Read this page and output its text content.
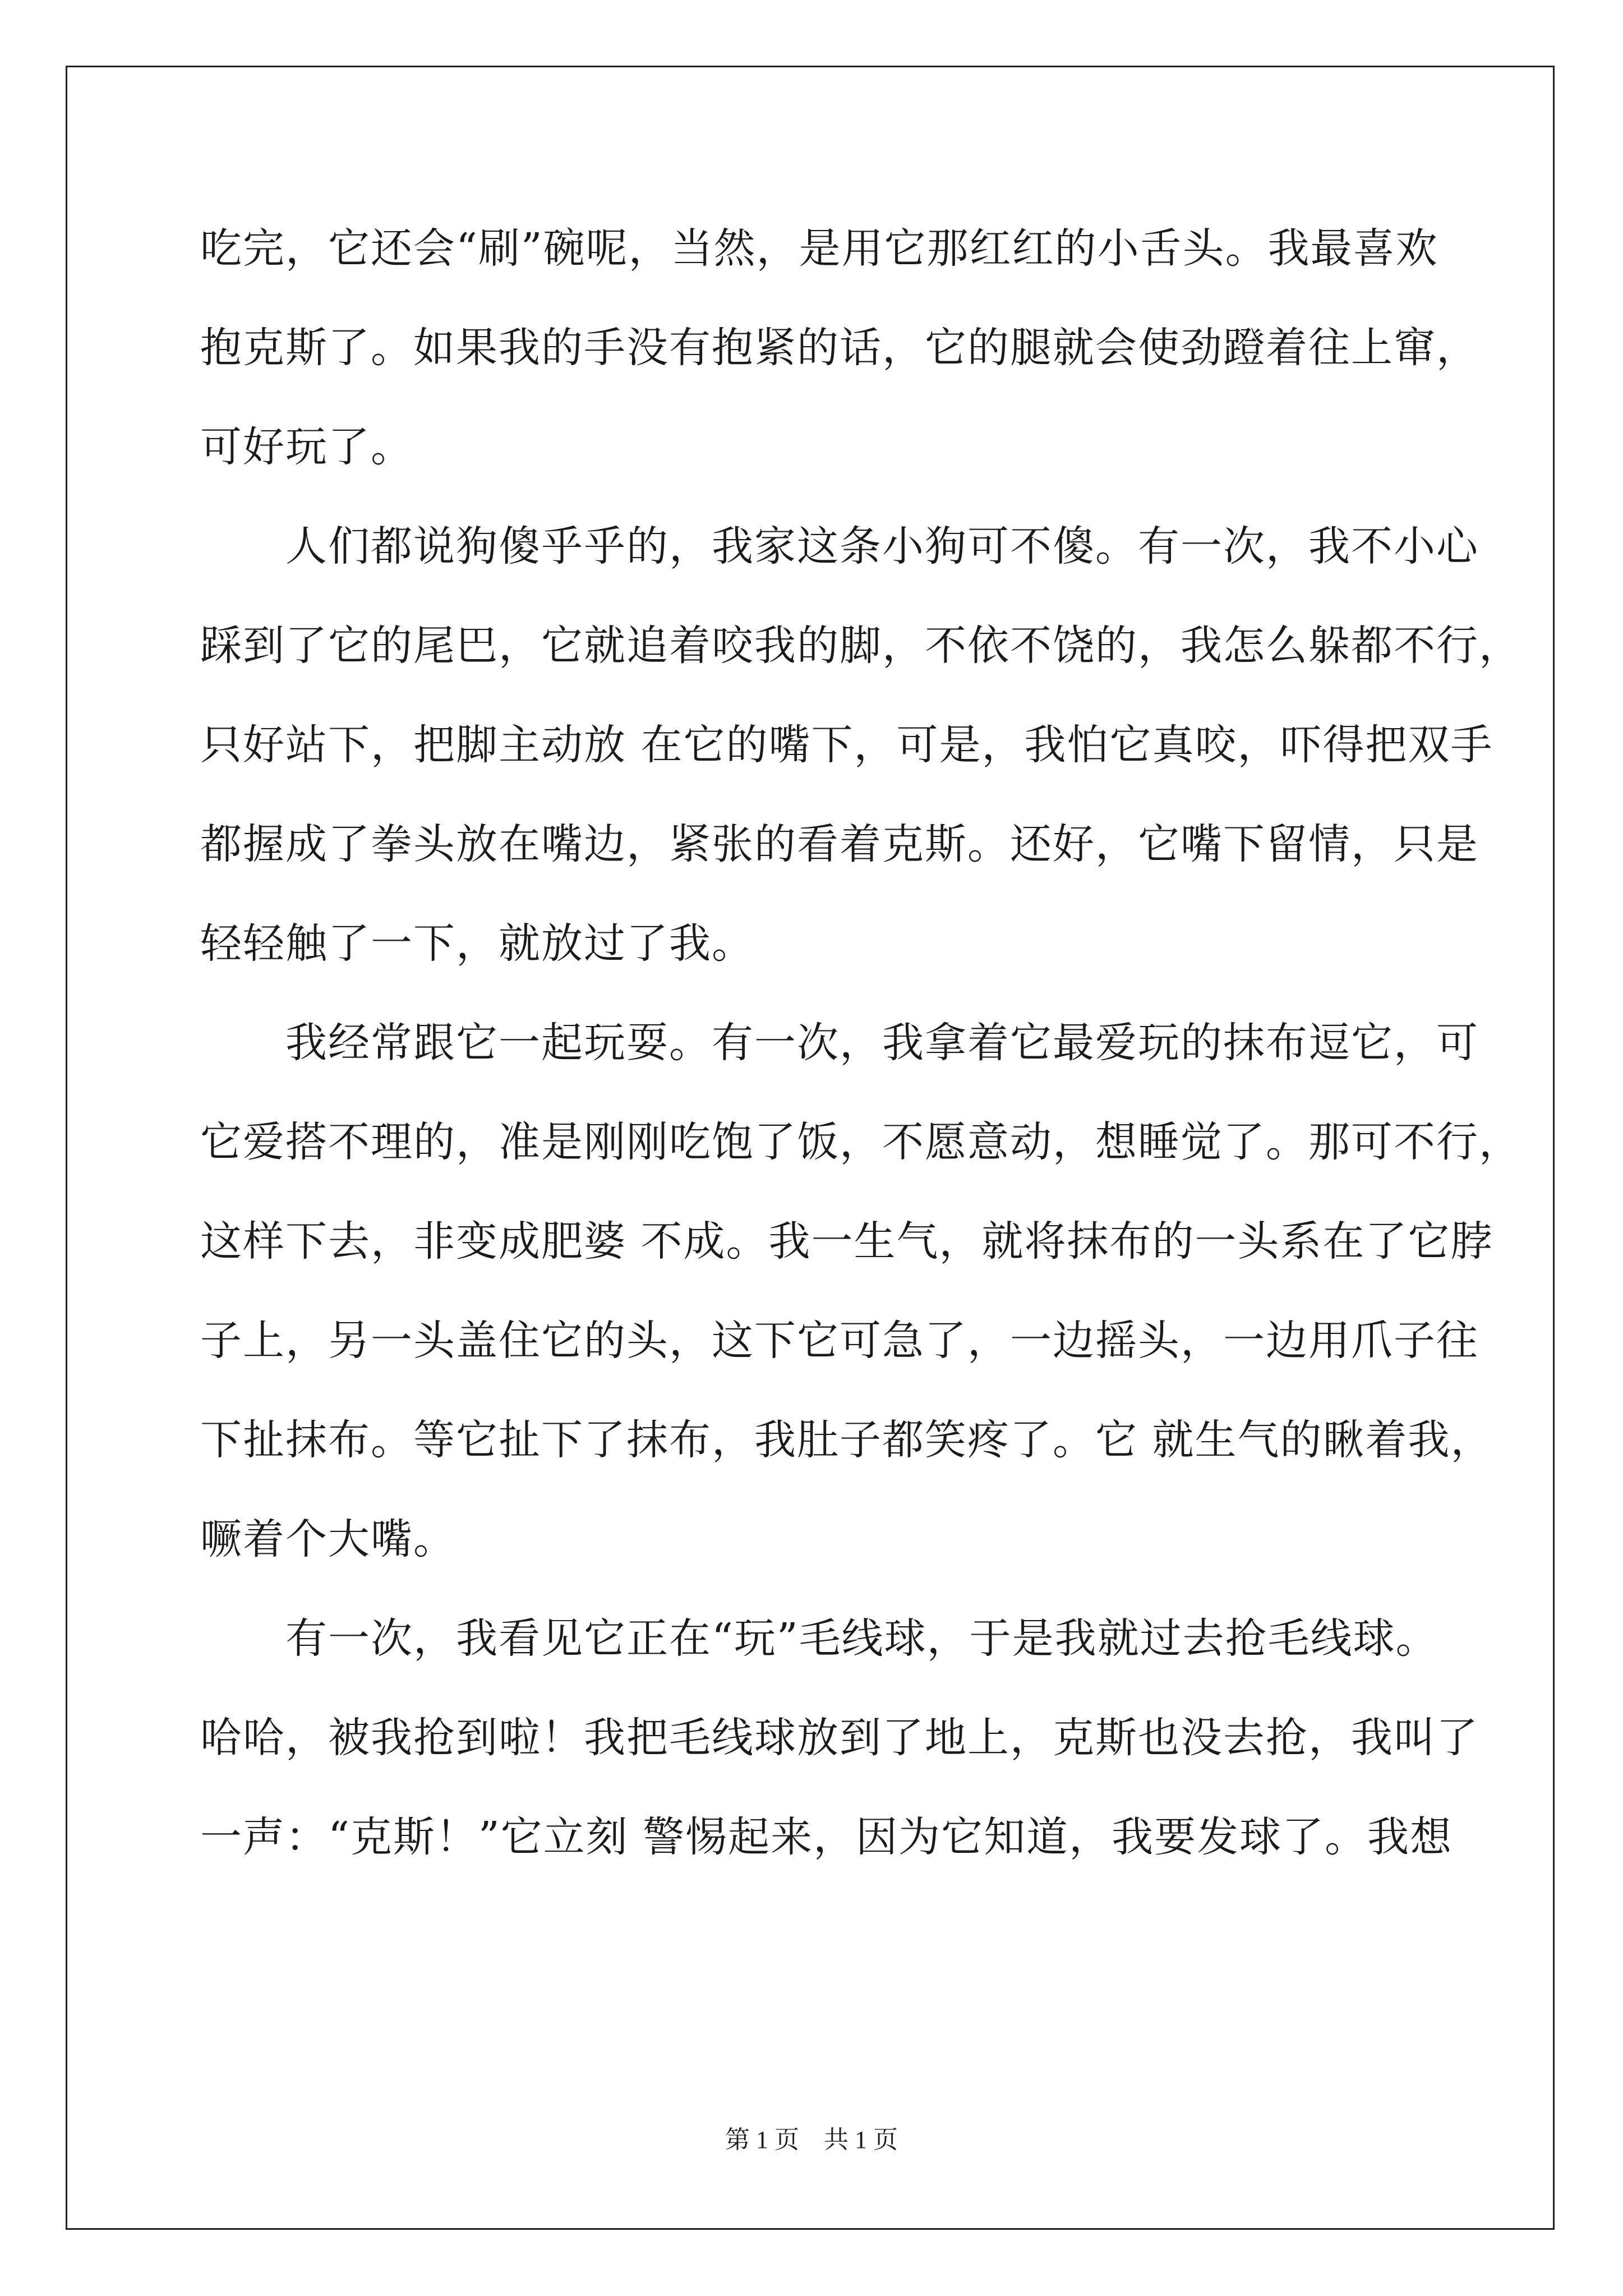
吃完，它还会“刷”碗呢，当然，是用它那红红的小舌头。我最喜欢
抱克斯了。如果我的手没有抱紧的话，它的腿就会使劲蹬着往上窜，
可好玩了。
　　人们都说狗傻乎乎的，我家这条小狗可不傻。有一次，我不小心
踩到了它的尾巴，它就追着咬我的脚，不依不饶的，我怎么躲都不行，
只好站下，把脚主动放 在它的嘴下，可是，我怕它真咬，吓得把双手
都握成了拳头放在嘴边，紧张的看着克斯。还好，它嘴下留情，只是
轻轻触了一下，就放过了我。
　　我经常跟它一起玩耍。有一次，我拿着它最爱玩的抹布逗它，可
它爱搭不理的，准是刚刚吃饱了饭，不愿意动，想睡觉了。那可不行，
这样下去，非变成肥婆 不成。我一生气，就将抹布的一头系在了它脖
子上，另一头盖住它的头，这下它可急了，一边摇头，一边用爪子往
下扯抹布。等它扯下了抹布，我肚子都笑疼了。它 就生气的瞅着我，
噘着个大嘴。
　　有一次，我看见它正在“玩”毛线球，于是我就过去抢毛线球。
哈哈，被我抢到啦！我把毛线球放到了地上，克斯也没去抢，我叫了
一声：“克斯！”它立刻 警惕起来，因为它知道，我要发球了。我想
第 1 页　共 1 页
